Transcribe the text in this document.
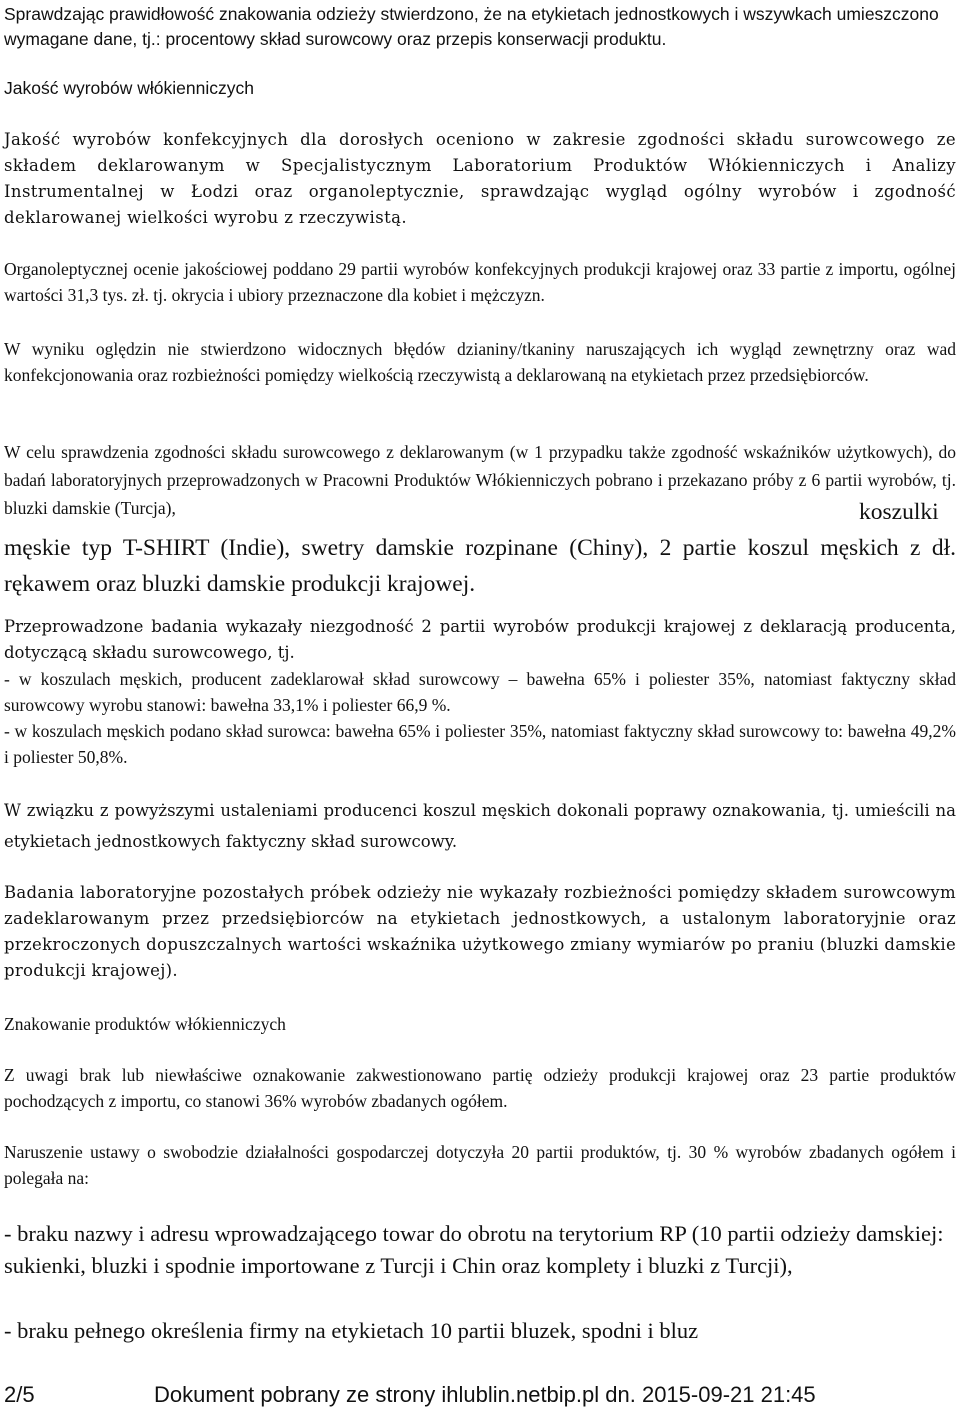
Sprawdzając prawidłowość znakowania odzieży stwierdzono, że na etykietach jednostkowych i wszywkach umieszczono wymagane dane, tj.: procentowy skład surowcowy oraz przepis konserwacji produktu.

Jakość wyrobów włókienniczych

Jakość wyrobów konfekcyjnych dla dorosłych oceniono w zakresie zgodności składu surowcowego ze składem deklarowanym w Specjalistycznym Laboratorium Produktów Włókienniczych i Analizy Instrumentalnej w Łodzi oraz organoleptycznie, sprawdzając wygląd ogólny wyrobów i zgodność deklarowanej wielkości wyrobu z rzeczywistą.

Organoleptycznej ocenie jakościowej poddano 29 partii wyrobów konfekcyjnych produkcji krajowej oraz 33 partie z importu, ogólnej wartości 31,3 tys. zł. tj. okrycia i ubiory przeznaczone dla kobiet i mężczyzn.

W wyniku oględzin nie stwierdzono widocznych błędów dzianiny/tkaniny naruszających ich wygląd zewnętrzny oraz wad konfekcjonowania oraz rozbieżności pomiędzy wielkością rzeczywistą a deklarowaną na etykietach przez przedsiębiorców.

W celu sprawdzenia zgodności składu surowcowego z deklarowanym (w 1 przypadku także zgodność wskaźników użytkowych), do badań laboratoryjnych przeprowadzonych w Pracowni Produktów Włókienniczych pobrano i przekazano próby z 6 partii wyrobów, tj. bluzki damskie (Turcja),	koszulki męskie typ T-SHIRT (Indie), swetry damskie rozpinane (Chiny), 2 partie koszul męskich z dł. rękawem oraz bluzki damskie produkcji krajowej.

Przeprowadzone badania wykazały niezgodność 2 partii wyrobów produkcji krajowej z deklaracją producenta, dotyczącą składu surowcowego, tj.

- w koszulach męskich, producent zadeklarował skład surowcowy – bawełna 65% i poliester 35%, natomiast faktyczny skład surowcowy wyrobu stanowi: bawełna 33,1% i poliester 66,9 %.

- w koszulach męskich podano skład surowca: bawełna 65% i poliester 35%, natomiast faktyczny skład surowcowy to: bawełna 49,2% i poliester 50,8%.

W związku z powyższymi ustaleniami producenci koszul męskich dokonali poprawy oznakowania, tj. umieścili na etykietach jednostkowych faktyczny skład surowcowy.

Badania laboratoryjne pozostałych próbek odzieży nie wykazały rozbieżności pomiędzy składem surowcowym zadeklarowanym przez przedsiębiorców na etykietach jednostkowych, a ustalonym laboratoryjnie oraz przekroczonych dopuszczalnych wartości wskaźnika użytkowego zmiany wymiarów po praniu (bluzki damskie produkcji krajowej).

Znakowanie produktów włókienniczych

Z uwagi brak lub niewłaściwe oznakowanie zakwestionowano partię odzieży produkcji krajowej oraz 23 partie produktów pochodzących z importu, co stanowi 36% wyrobów zbadanych ogółem.

Naruszenie ustawy o swobodzie działalności gospodarczej dotyczyła 20 partii produktów, tj. 30 % wyrobów zbadanych ogółem i polegała na:

- braku nazwy i adresu wprowadzającego towar do obrotu na terytorium RP (10 partii odzieży damskiej: sukienki, bluzki i spodnie importowane z Turcji i Chin oraz komplety i bluzki z Turcji),

- braku pełnego określenia firmy na etykietach 10 partii bluzek, spodni i bluz

2/5	Dokument pobrany ze strony ihlublin.netbip.pl dn. 2015-09-21 21:45
